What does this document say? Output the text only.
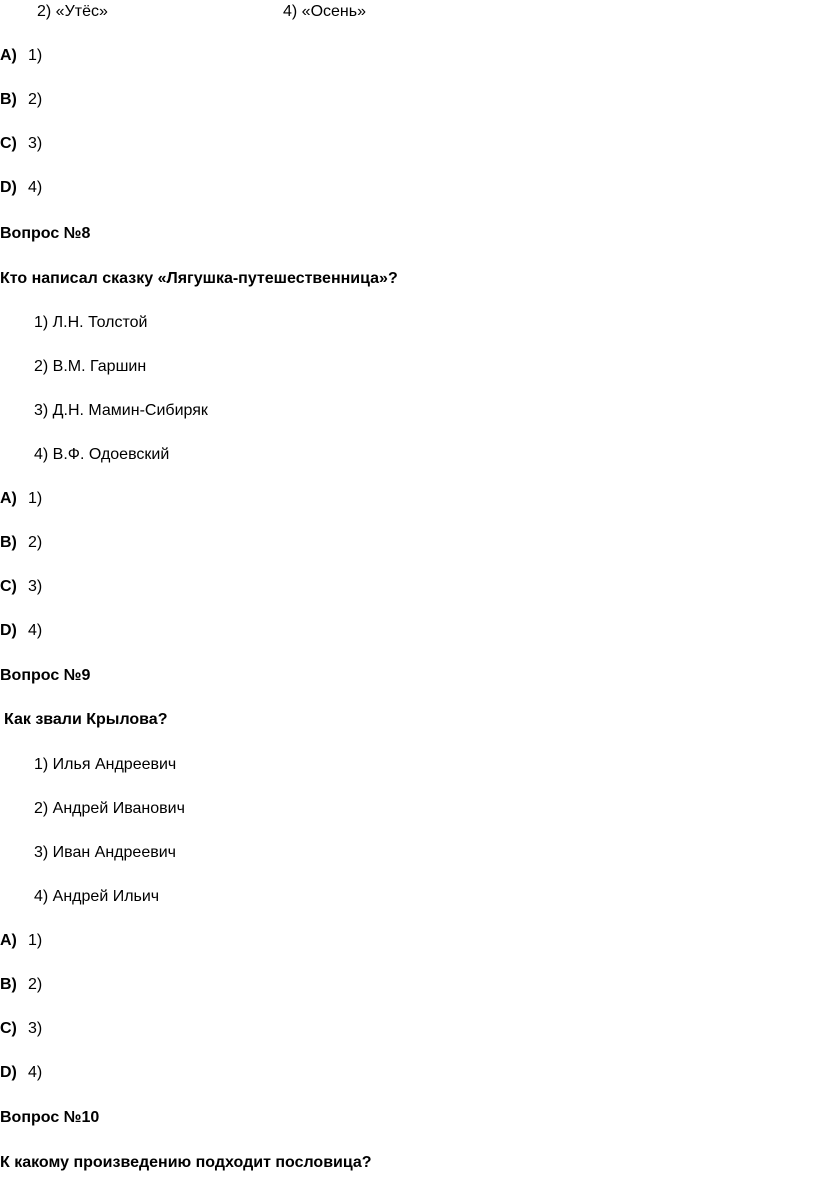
2) «Утёс»	4) «Осень»
A) 1)
B) 2)
C) 3)
D) 4)
Вопрос №8
Кто написал сказку «Лягушка-путешественница»?
1) Л.Н. Толстой
2) В.М. Гаршин
3) Д.Н. Мамин-Сибиряк
4) В.Ф. Одоевский
A) 1)
B) 2)
C) 3)
D) 4)
Вопрос №9
Как звали Крылова?
1) Илья Андреевич
2) Андрей Иванович
3) Иван Андреевич
4) Андрей Ильич
A) 1)
B) 2)
C) 3)
D) 4)
Вопрос №10
К какому произведению подходит пословица?
